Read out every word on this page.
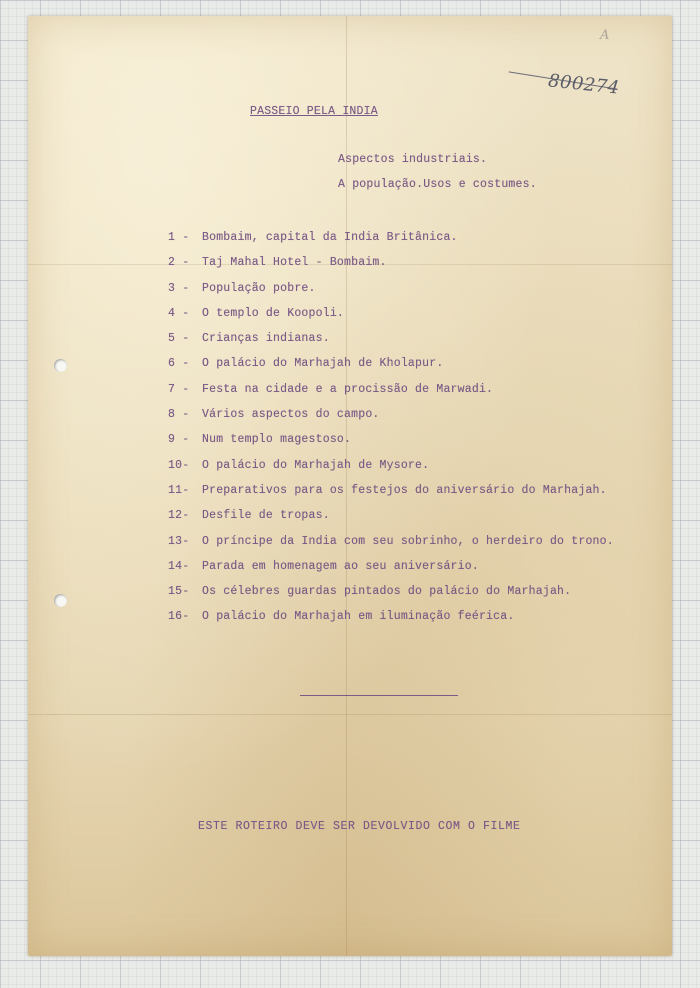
A
800274
PASSEIO PELA INDIA
Aspectos industriais.
A população.Usos e costumes.
1 - Bombaim, capital da India Britânica.
2 - Taj Mahal Hotel - Bombaim.
3 - População pobre.
4 - O templo de Koopoli.
5 - Crianças indianas.
6 - O palácio do Marhajah de Kholapur.
7 - Festa na cidade e a procissão de Marwadi.
8 - Vários aspectos do campo.
9 - Num templo magestoso.
10- O palácio do Marhajah de Mysore.
11- Preparativos para os festejos do aniversário do Marhajah.
12- Desfile de tropas.
13- O príncipe da India com seu sobrinho, o herdeiro do trono.
14- Parada em homenagem ao seu aniversário.
15- Os célebres guardas pintados do palácio do Marhajah.
16- O palácio do Marhajah em iluminação feérica.
ESTE ROTEIRO DEVE SER DEVOLVIDO COM O FILME
